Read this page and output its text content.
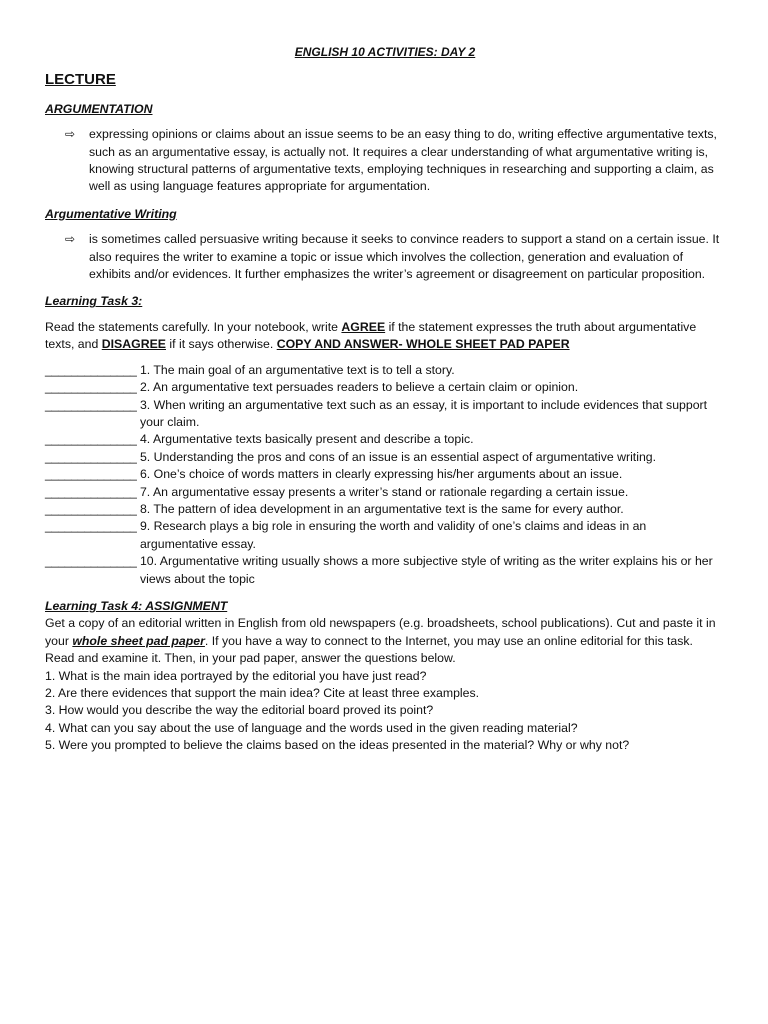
ENGLISH 10 ACTIVITIES: DAY 2
LECTURE
ARGUMENTATION
⇨	expressing opinions or claims about an issue seems to be an easy thing to do, writing effective argumentative texts, such as an argumentative essay, is actually not. It requires a clear understanding of what argumentative writing is, knowing structural patterns of argumentative texts, employing techniques in researching and supporting a claim, as well as using language features appropriate for argumentation.
Argumentative Writing
⇨	is sometimes called persuasive writing because it seeks to convince readers to support a stand on a certain issue. It also requires the writer to examine a topic or issue which involves the collection, generation and evaluation of exhibits and/or evidences. It further emphasizes the writer’s agreement or disagreement on particular proposition.
Learning Task 3:
Read the statements carefully. In your notebook, write AGREE if the statement expresses the truth about argumentative texts, and DISAGREE if it says otherwise. COPY AND ANSWER- WHOLE SHEET PAD PAPER
______________
1. The main goal of an argumentative text is to tell a story.
______________
2. An argumentative text persuades readers to believe a certain claim or opinion.
______________
3. When writing an argumentative text such as an essay, it is important to include evidences that support your claim.
______________
4. Argumentative texts basically present and describe a topic.
______________
5. Understanding the pros and cons of an issue is an essential aspect of argumentative writing.
______________
6. One’s choice of words matters in clearly expressing his/her arguments about an issue.
______________
7. An argumentative essay presents a writer’s stand or rationale regarding a certain issue.
______________
8. The pattern of idea development in an argumentative text is the same for every author.
______________
9. Research plays a big role in ensuring the worth and validity of one’s claims and ideas in an argumentative essay.
______________
10. Argumentative writing usually shows a more subjective style of writing as the writer explains his or her views about the topic
Learning Task 4: ASSIGNMENT

Get a copy of an editorial written in English from old newspapers (e.g. broadsheets, school publications). Cut and paste it in your whole sheet pad paper. If you have a way to connect to the Internet, you may use an online editorial for this task. Read and examine it. Then, in your pad paper, answer the questions below.

1. What is the main idea portrayed by the editorial you have just read?

2. Are there evidences that support the main idea? Cite at least three examples.

3. How would you describe the way the editorial board proved its point?

4. What can you say about the use of language and the words used in the given reading material?

5. Were you prompted to believe the claims based on the ideas presented in the material? Why or why not?
